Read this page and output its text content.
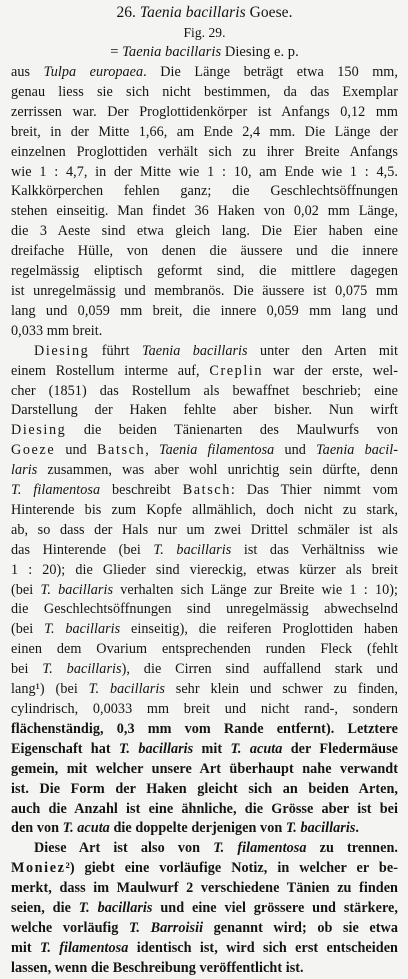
26. Taenia bacillaris Goese.

Fig. 29.

= Taenia bacillaris Diesing e. p.

aus Tulpa europaea. Die Länge beträgt etwa 150 mm,
genau liess sie sich nicht bestimmen, da das Exemplar
zerrissen war. Der Proglottidenkörper ist Anfangs 0,12 mm
breit, in der Mitte 1,66, am Ende 2,4 mm. Die Länge der
einzelnen Proglottiden verhält sich zu ihrer Breite Anfangs
wie 1 : 4,7, in der Mitte wie 1 : 10, am Ende wie 1 : 4,5.
Kalkkörperchen fehlen ganz; die Geschlechtsöffnungen
stehen einseitig. Man findet 36 Haken von 0,02 mm Länge,
die 3 Aeste sind etwa gleich lang. Die Eier haben eine
dreifache Hülle, von denen die äussere und die innere
regelmässig eliptisch geformt sind, die mittlere dagegen
ist unregelmässig und membranös. Die äussere ist 0,075 mm
lang und 0,059 mm breit, die innere 0,059 mm lang und
0,033 mm breit.
Diesing führt Taenia bacillaris unter den Arten mit
einem Rostellum interme auf, Creplin war der erste, wel-
cher (1851) das Rostellum als bewaffnet beschrieb; eine
Darstellung der Haken fehlte aber bisher. Nun wirft
Diesing die beiden Tänienarten des Maulwurfs von
Goeze und Batsch, Taenia filamentosa und Taenia bacil-
laris zusammen, was aber wohl unrichtig sein dürfte, denn
T. filamentosa beschreibt Batsch: Das Thier nimmt vom
Hinterende bis zum Kopfe allmählich, doch nicht zu stark,
ab, so dass der Hals nur um zwei Drittel schmäler ist als
das Hinterende (bei T. bacillaris ist das Verhältniss wie
1 : 20); die Glieder sind viereckig, etwas kürzer als breit
(bei T. bacillaris verhalten sich Länge zur Breite wie 1 : 10);
die Geschlechtsöffnungen sind unregelmässig abwechselnd
(bei T. bacillaris einseitig), die reiferen Proglottiden haben
einen dem Ovarium entsprechenden runden Fleck (fehlt
bei T. bacillaris), die Cirren sind auffallend stark und
lang¹) (bei T. bacillaris sehr klein und schwer zu finden,
cylindrisch, 0,0033 mm breit und nicht rand-, sondern
flächenständig, 0,3 mm vom Rande entfernt). Letztere
Eigenschaft hat T. bacillaris mit T. acuta der Fledermäuse
gemein, mit welcher unsere Art überhaupt nahe verwandt
ist. Die Form der Haken gleicht sich an beiden Arten,
auch die Anzahl ist eine ähnliche, die Grösse aber ist bei
den von T. acuta die doppelte derjenigen von T. bacillaris.
Diese Art ist also von T. filamentosa zu trennen.
Moniez²) giebt eine vorläufige Notiz, in welcher er be-
merkt, dass im Maulwurf 2 verschiedene Tänien zu finden
seien, die T. bacillaris und eine viel grössere und stärkere,
welche vorläufig T. Barroisii genannt wird; ob sie etwa
mit T. filamentosa identisch ist, wird sich erst entscheiden
lassen, wenn die Beschreibung veröffentlicht ist.
